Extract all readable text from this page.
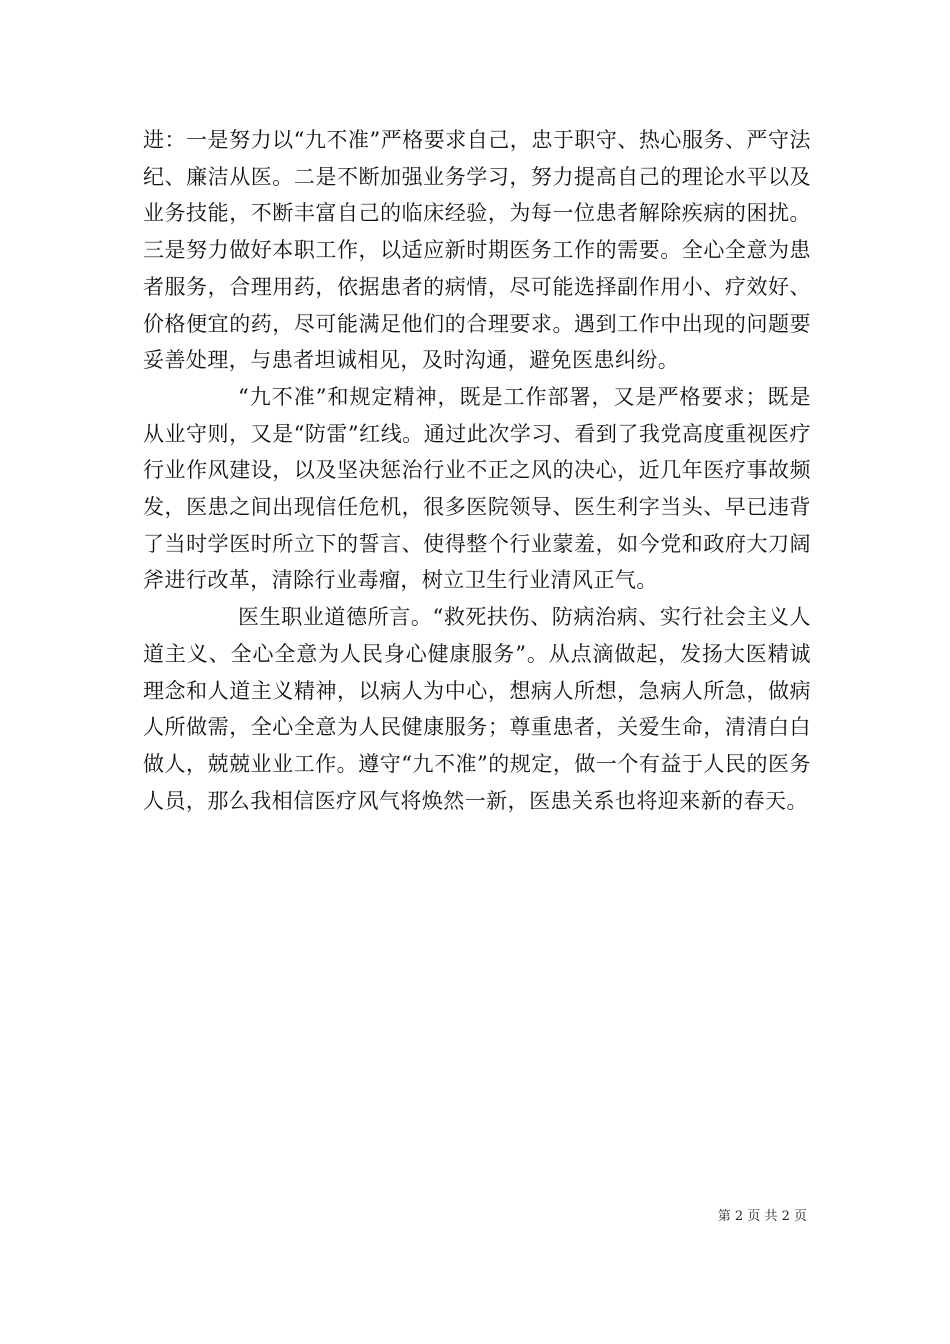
进：一是努力以“九不准”严格要求自己，忠于职守、热心服务、严守法纪、廉洁从医。二是不断加强业务学习，努力提高自己的理论水平以及业务技能，不断丰富自己的临床经验，为每一位患者解除疾病的困扰。三是努力做好本职工作，以适应新时期医务工作的需要。全心全意为患者服务，合理用药，依据患者的病情，尽可能选择副作用小、疗效好、价格便宜的药，尽可能满足他们的合理要求。遇到工作中出现的问题要妥善处理，与患者坦诚相见，及时沟通，避免医患纠纷。

“九不准”和规定精神，既是工作部署，又是严格要求；既是从业守则，又是“防雷”红线。通过此次学习、看到了我党高度重视医疗行业作风建设，以及坚决惩治行业不正之风的决心，近几年医疗事故频发，医患之间出现信任危机，很多医院领导、医生利字当头、早已违背了当时学医时所立下的誓言、使得整个行业蒙羞，如今党和政府大刀阔斧进行改革，清除行业毒瘤，树立卫生行业清风正气。

医生职业道德所言。“救死扶伤、防病治病、实行社会主义人道主义、全心全意为人民身心健康服务”。从点滴做起，发扬大医精诚理念和人道主义精神，以病人为中心，想病人所想，急病人所急，做病人所做需，全心全意为人民健康服务；尊重患者，关爱生命，清清白白做人，兢兢业业工作。遵守“九不准”的规定，做一个有益于人民的医务人员，那么我相信医疗风气将焕然一新，医患关系也将迎来新的春天。

第 2 页 共 2 页
